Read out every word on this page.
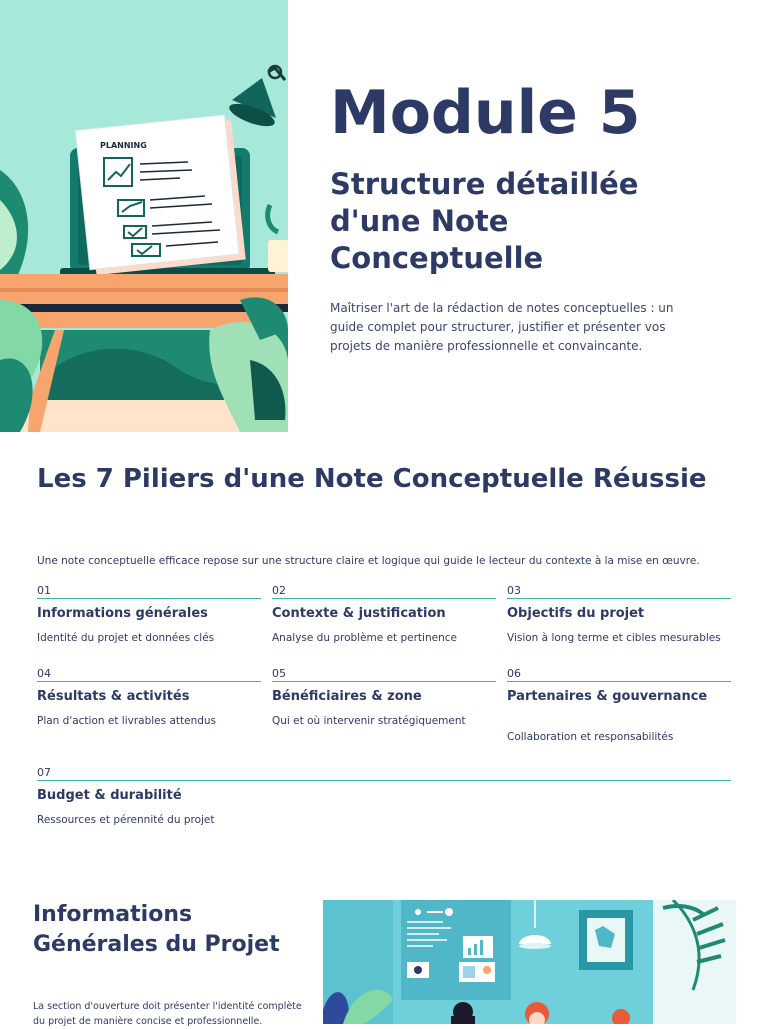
PLANNING	Module 5
Structure détaillée d'une Note Conceptuelle

Maîtriser l'art de la rédaction de notes conceptuelles : un guide complet pour structurer, justifier et présenter vos projets de manière professionnelle et convaincante.

Les 7 Piliers d'une Note Conceptuelle Réussie

Une note conceptuelle efficace repose sur une structure claire et logique qui guide le lecteur du contexte à la mise en œuvre.

01
Informations générales
Identité du projet et données clés
02
Contexte & justification
Analyse du problème et pertinence
03
Objectifs du projet
Vision à long terme et cibles mesurables
04
Résultats & activités
Plan d'action et livrables attendus
05
Bénéficiaires & zone
Qui et où intervenir stratégiquement
06
Partenaires & gouvernance
Collaboration et responsabilités
07
Budget & durabilité
Ressources et pérennité du projet
Informations Générales du Projet

La section d'ouverture doit présenter l'identité complète du projet de manière concise et professionnelle.
